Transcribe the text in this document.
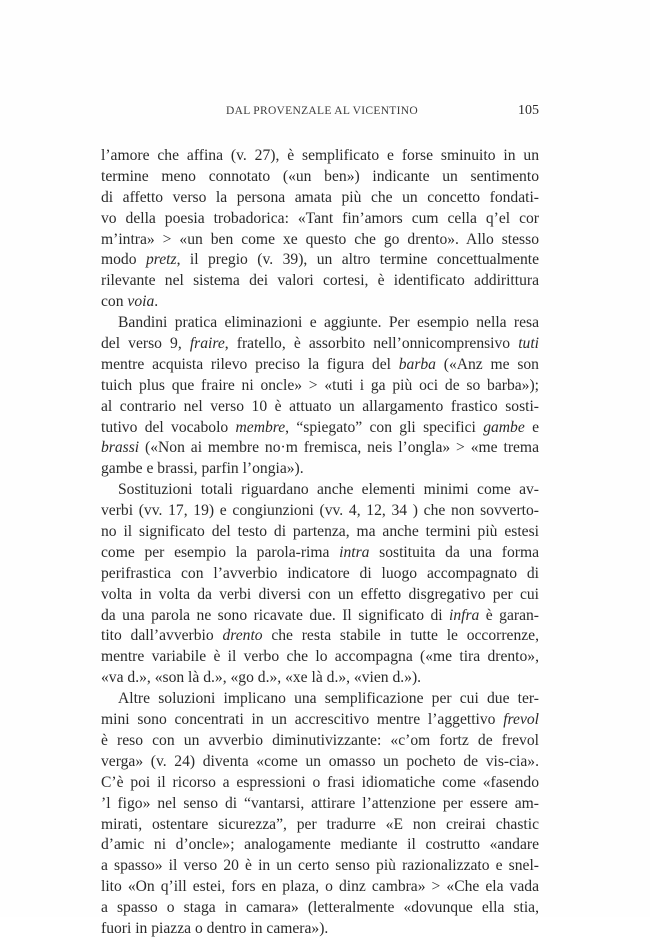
DAL PROVENZALE AL VICENTINO	105
l’amore che affina (v. 27), è semplificato e forse sminuito in un
termine meno connotato («un ben») indicante un sentimento
di affetto verso la persona amata più che un concetto fondati-
vo della poesia trobadorica: «Tant fin’amors cum cella q’el cor
m’intra» > «un ben come xe questo che go drento». Allo stesso
modo pretz, il pregio (v. 39), un altro termine concettualmente
rilevante nel sistema dei valori cortesi, è identificato addirittura
con voia.
Bandini pratica eliminazioni e aggiunte. Per esempio nella resa
del verso 9, fraire, fratello, è assorbito nell’onnicomprensivo tuti
mentre acquista rilevo preciso la figura del barba («Anz me son
tuich plus que fraire ni oncle» > «tuti i ga più oci de so barba»);
al contrario nel verso 10 è attuato un allargamento frastico sosti-
tutivo del vocabolo membre, “spiegato” con gli specifici gambe e
brassi («Non ai membre no·m fremisca, neis l’ongla» > «me trema
gambe e brassi, parfin l’ongia»).
Sostituzioni totali riguardano anche elementi minimi come av-
verbi (vv. 17, 19) e congiunzioni (vv. 4, 12, 34 ) che non sovverto-
no il significato del testo di partenza, ma anche termini più estesi
come per esempio la parola-rima intra sostituita da una forma
perifrastica con l’avverbio indicatore di luogo accompagnato di
volta in volta da verbi diversi con un effetto disgregativo per cui
da una parola ne sono ricavate due. Il significato di infra è garan-
tito dall’avverbio drento che resta stabile in tutte le occorrenze,
mentre variabile è il verbo che lo accompagna («me tira drento»,
«va d.», «son là d.», «go d.», «xe là d.», «vien d.»).
Altre soluzioni implicano una semplificazione per cui due ter-
mini sono concentrati in un accrescitivo mentre l’aggettivo frevol
è reso con un avverbio diminutivizzante: «c’om fortz de frevol
verga» (v. 24) diventa «come un omasso un pocheto de vis-cia».
C’è poi il ricorso a espressioni o frasi idiomatiche come «fasendo
’l figo» nel senso di “vantarsi, attirare l’attenzione per essere am-
mirati, ostentare sicurezza”, per tradurre «E non creirai chastic
d’amic ni d’oncle»; analogamente mediante il costrutto «andare
a spasso» il verso 20 è in un certo senso più razionalizzato e snel-
lito «On q’ill estei, fors en plaza, o dinz cambra» > «Che ela vada
a spasso o staga in camara» (letteralmente «dovunque ella stia,
fuori in piazza o dentro in camera»).
